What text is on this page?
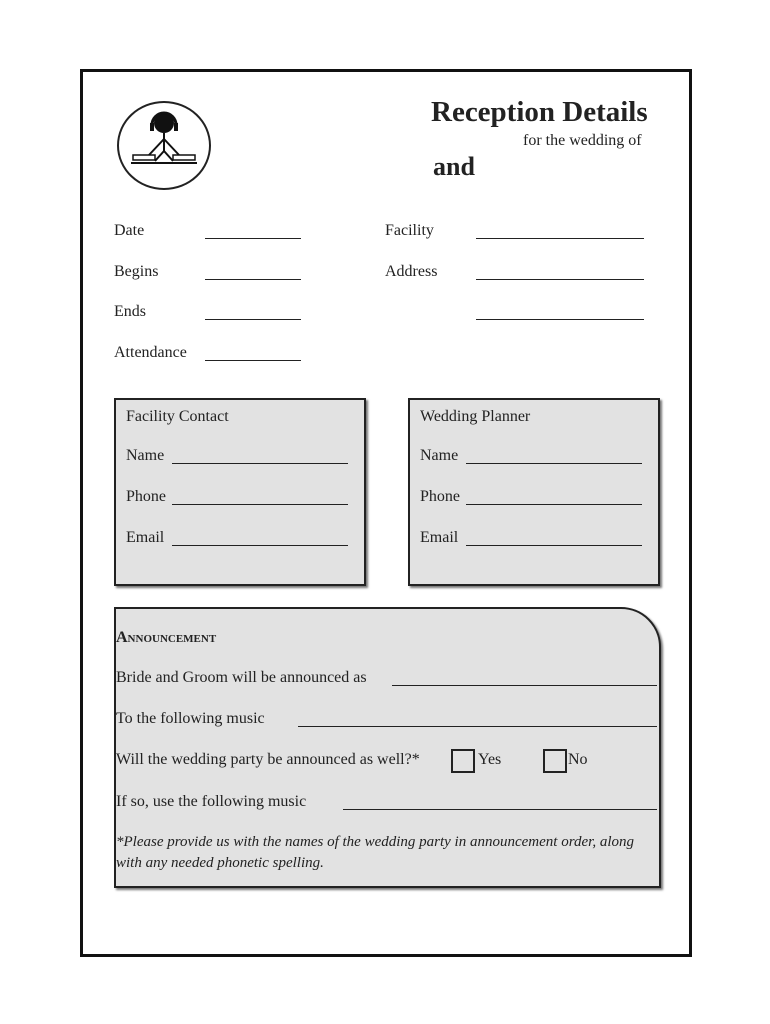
Reception Details
for the wedding of
and
Date
Begins
Ends
Attendance
Facility
Address
Facility Contact
Name
Phone
Email
Wedding Planner
Name
Phone
Email
Announcement
Bride and Groom will be announced as
To the following music
Will the wedding party be announced as well?*	Yes	No
If so, use the following music
*Please provide us with the names of the wedding party in announcement order, along with any needed phonetic spelling.
